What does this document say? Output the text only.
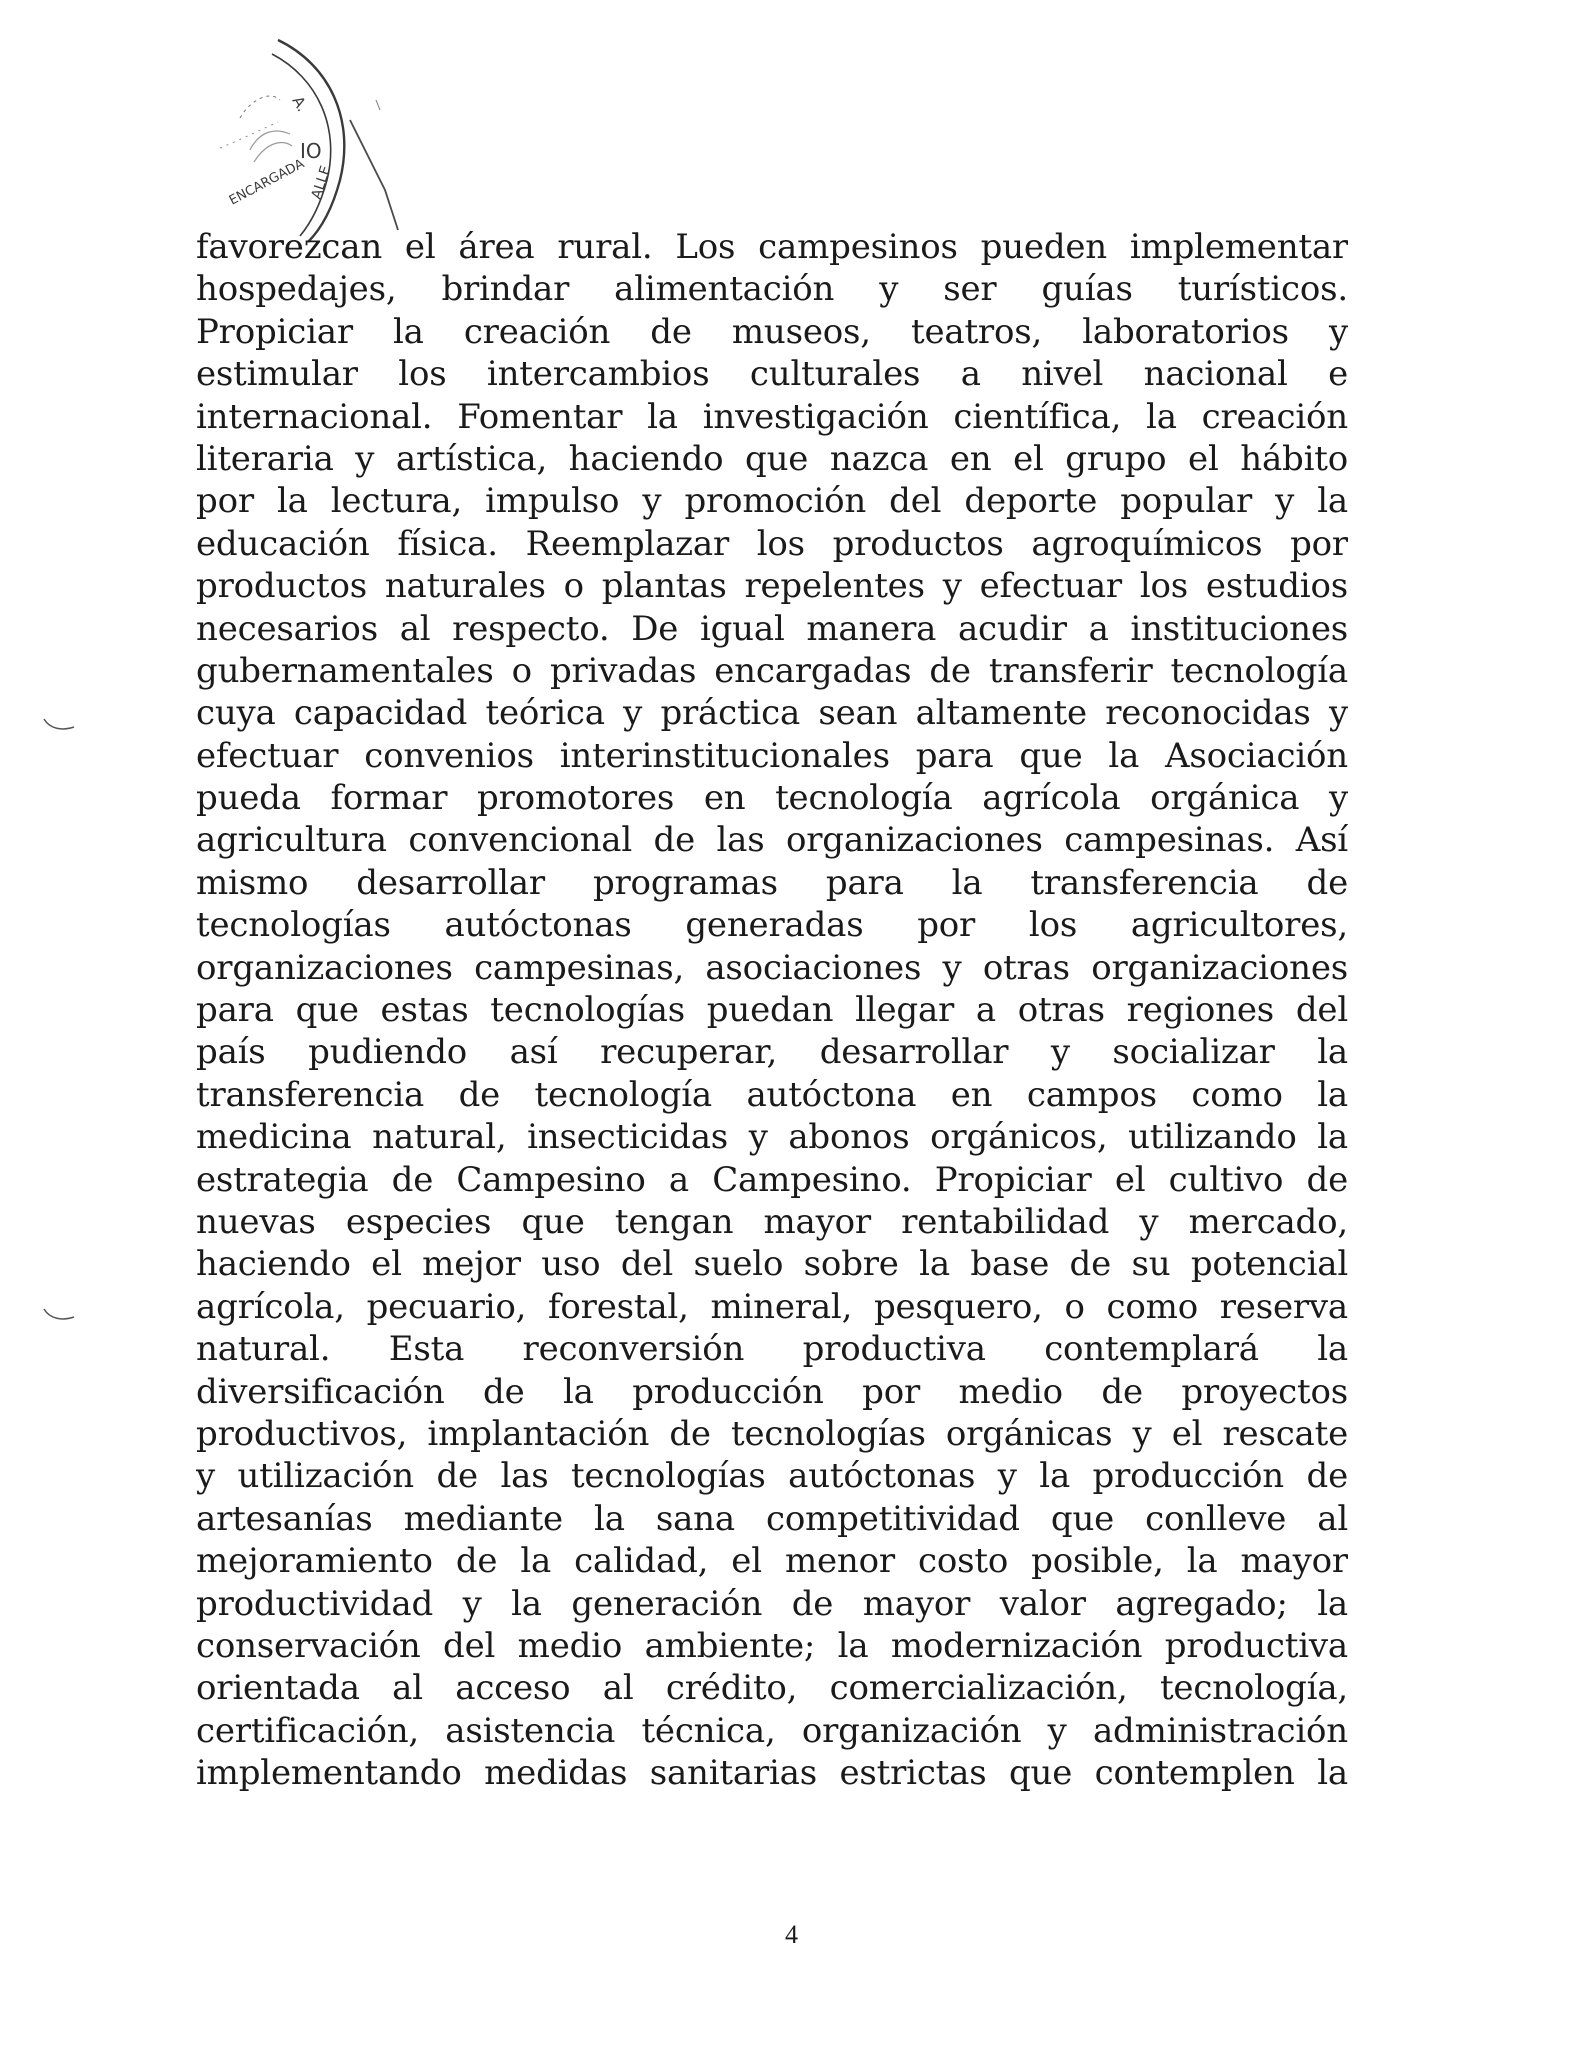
A.
IO
ENCARGADA ALLE
favorezcan el área rural. Los campesinos pueden implementar
hospedajes, brindar alimentación y ser guías turísticos.
Propiciar la creación de museos, teatros, laboratorios y
estimular los intercambios culturales a nivel nacional e
internacional. Fomentar la investigación científica, la creación
literaria y artística, haciendo que nazca en el grupo el hábito
por la lectura, impulso y promoción del deporte popular y la
educación física. Reemplazar los productos agroquímicos por
productos naturales o plantas repelentes y efectuar los estudios
necesarios al respecto. De igual manera acudir a instituciones
gubernamentales o privadas encargadas de transferir tecnología
cuya capacidad teórica y práctica sean altamente reconocidas y
efectuar convenios interinstitucionales para que la Asociación
pueda formar promotores en tecnología agrícola orgánica y
agricultura convencional de las organizaciones campesinas. Así
mismo desarrollar programas para la transferencia de
tecnologías autóctonas generadas por los agricultores,
organizaciones campesinas, asociaciones y otras organizaciones
para que estas tecnologías puedan llegar a otras regiones del
país pudiendo así recuperar, desarrollar y socializar la
transferencia de tecnología autóctona en campos como la
medicina natural, insecticidas y abonos orgánicos, utilizando la
estrategia de Campesino a Campesino. Propiciar el cultivo de
nuevas especies que tengan mayor rentabilidad y mercado,
haciendo el mejor uso del suelo sobre la base de su potencial
agrícola, pecuario, forestal, mineral, pesquero, o como reserva
natural. Esta reconversión productiva contemplará la
diversificación de la producción por medio de proyectos
productivos, implantación de tecnologías orgánicas y el rescate
y utilización de las tecnologías autóctonas y la producción de
artesanías mediante la sana competitividad que conlleve al
mejoramiento de la calidad, el menor costo posible, la mayor
productividad y la generación de mayor valor agregado; la
conservación del medio ambiente; la modernización productiva
orientada al acceso al crédito, comercialización, tecnología,
certificación, asistencia técnica, organización y administración
implementando medidas sanitarias estrictas que contemplen la
4
